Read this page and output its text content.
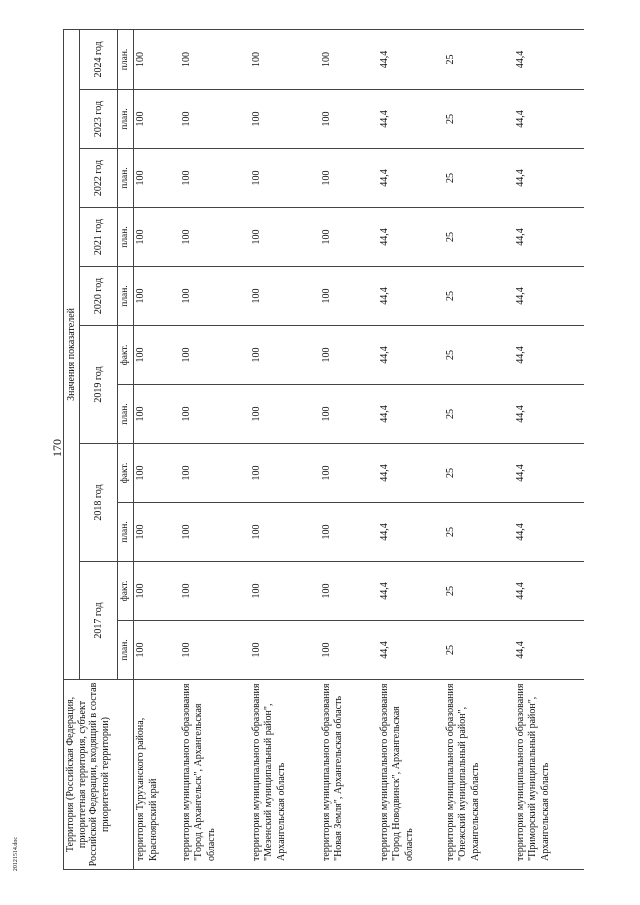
170
20121514.doc
Территория (Российская Федерация, приоритетная территория, субъект Российской Федерации, входящий в состав приоритетной территории)	Значения показателей										
	2017 год		2018 год		2019 год		2020 год	2021 год	2022 год	2023 год	2024 год
	план.	факт.	план.	факт.	план.	факт.	план.	план.	план.	план.	план.
территория Туруханского района, Красноярский край	100	100	100	100	100	100	100	100	100	100	100
территория муниципального образования "Город Архангельск", Архангельская область	100	100	100	100	100	100	100	100	100	100	100
территория муниципального образования "Мезенский муниципальный район", Архангельская область	100	100	100	100	100	100	100	100	100	100	100
территория муниципального образования "Новая Земля", Архангельская область	100	100	100	100	100	100	100	100	100	100	100
территория муниципального образования "Город Новодвинск", Архангельская область	44,4	44,4	44,4	44,4	44,4	44,4	44,4	44,4	44,4	44,4	44,4
территория муниципального образования "Онежский муниципальный район", Архангельская область	25	25	25	25	25	25	25	25	25	25	25
территория муниципального образования "Приморский муниципальный район", Архангельская область	44,4	44,4	44,4	44,4	44,4	44,4	44,4	44,4	44,4	44,4	44,4
